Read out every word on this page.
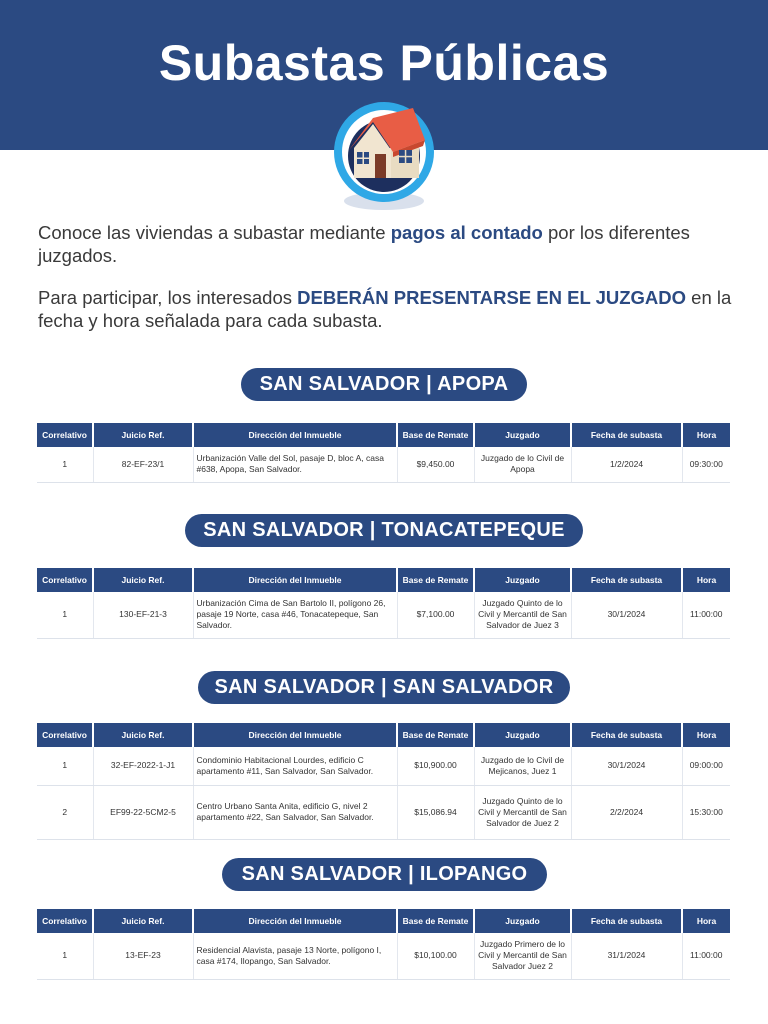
Subastas Públicas
Conoce las viviendas a subastar mediante pagos al contado por los diferentes juzgados.
Para participar, los interesados DEBERÁN PRESENTARSE EN EL JUZGADO en la fecha y hora señalada para cada subasta.
SAN SALVADOR | APOPA
Correlativo	Juicio Ref.	Dirección del Inmueble	Base de Remate	Juzgado	Fecha de subasta	Hora
1	82-EF-23/1	Urbanización Valle del Sol, pasaje D, bloc A, casa #638, Apopa, San Salvador.	$9,450.00	Juzgado de lo Civil de Apopa	1/2/2024	09:30:00
SAN SALVADOR | TONACATEPEQUE
Correlativo	Juicio Ref.	Dirección del Inmueble	Base de Remate	Juzgado	Fecha de subasta	Hora
1	130-EF-21-3	Urbanización Cima de San Bartolo II, polígono 26, pasaje 19 Norte, casa #46, Tonacatepeque, San Salvador.	$7,100.00	Juzgado Quinto de lo Civil y Mercantil de San Salvador de Juez 3	30/1/2024	11:00:00
SAN SALVADOR | SAN SALVADOR
Correlativo	Juicio Ref.	Dirección del Inmueble	Base de Remate	Juzgado	Fecha de subasta	Hora
1	32-EF-2022-1-J1	Condominio Habitacional Lourdes, edificio C apartamento #11, San Salvador, San Salvador.	$10,900.00	Juzgado de lo Civil de Mejicanos, Juez 1	30/1/2024	09:00:00
2	EF99-22-5CM2-5	Centro Urbano Santa Anita, edificio G, nivel 2 apartamento #22, San Salvador, San Salvador.	$15,086.94	Juzgado Quinto de lo Civil y Mercantil de San Salvador de Juez 2	2/2/2024	15:30:00
SAN SALVADOR | ILOPANGO
Correlativo	Juicio Ref.	Dirección del Inmueble	Base de Remate	Juzgado	Fecha de subasta	Hora
1	13-EF-23	Residencial Alavista, pasaje 13 Norte, polígono I, casa #174, Ilopango, San Salvador.	$10,100.00	Juzgado Primero de lo Civil y Mercantil de San Salvador Juez 2	31/1/2024	11:00:00
